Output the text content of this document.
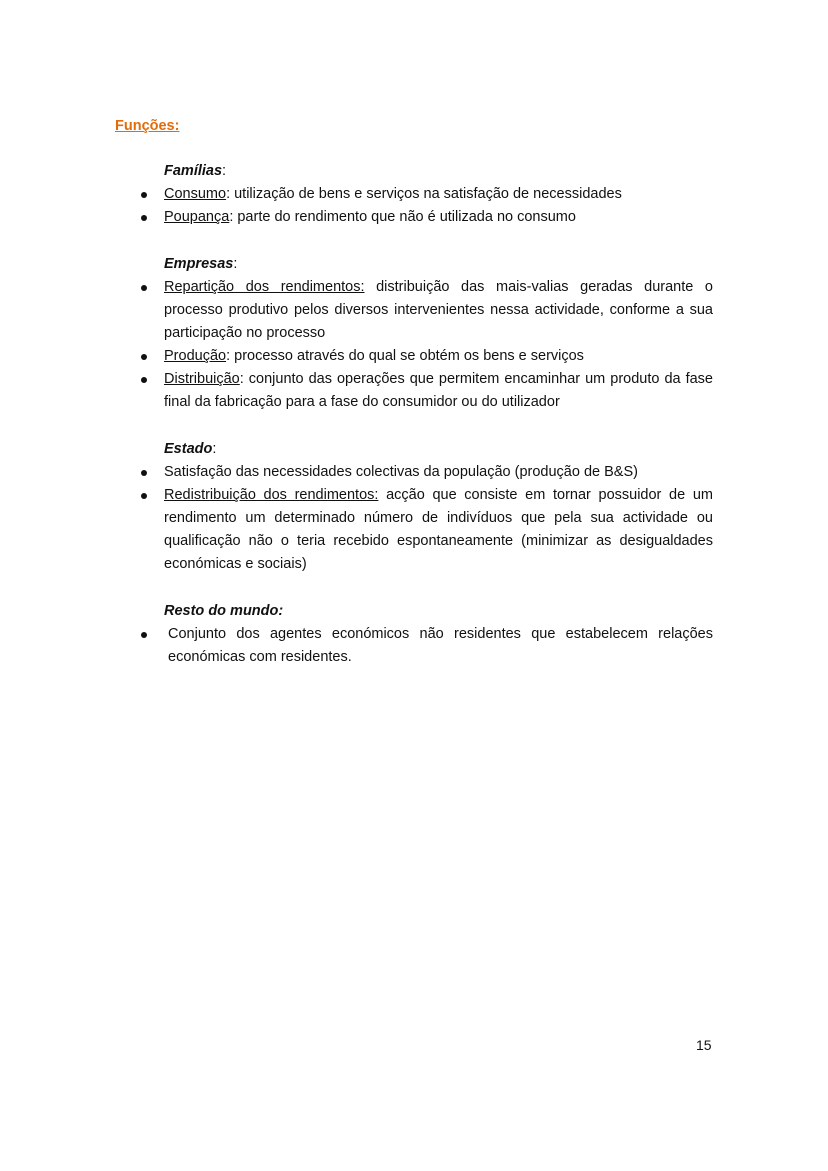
Funções:
Famílias:
Consumo: utilização de bens e serviços na satisfação de necessidades
Poupança: parte do rendimento que não é utilizada no consumo
Empresas:
Repartição dos rendimentos: distribuição das mais-valias geradas durante o processo produtivo pelos diversos intervenientes nessa actividade, conforme a sua participação no processo
Produção: processo através do qual se obtém os bens e serviços
Distribuição: conjunto das operações que permitem encaminhar um produto da fase final da fabricação para a fase do consumidor ou do utilizador
Estado:
Satisfação das necessidades colectivas da população (produção de B&S)
Redistribuição dos rendimentos: acção que consiste em tornar possuidor de um rendimento um determinado número de indivíduos que pela sua actividade ou qualificação não o teria recebido espontaneamente (minimizar as desigualdades económicas e sociais)
Resto do mundo:
Conjunto dos agentes económicos não residentes que estabelecem relações económicas com residentes.
15
